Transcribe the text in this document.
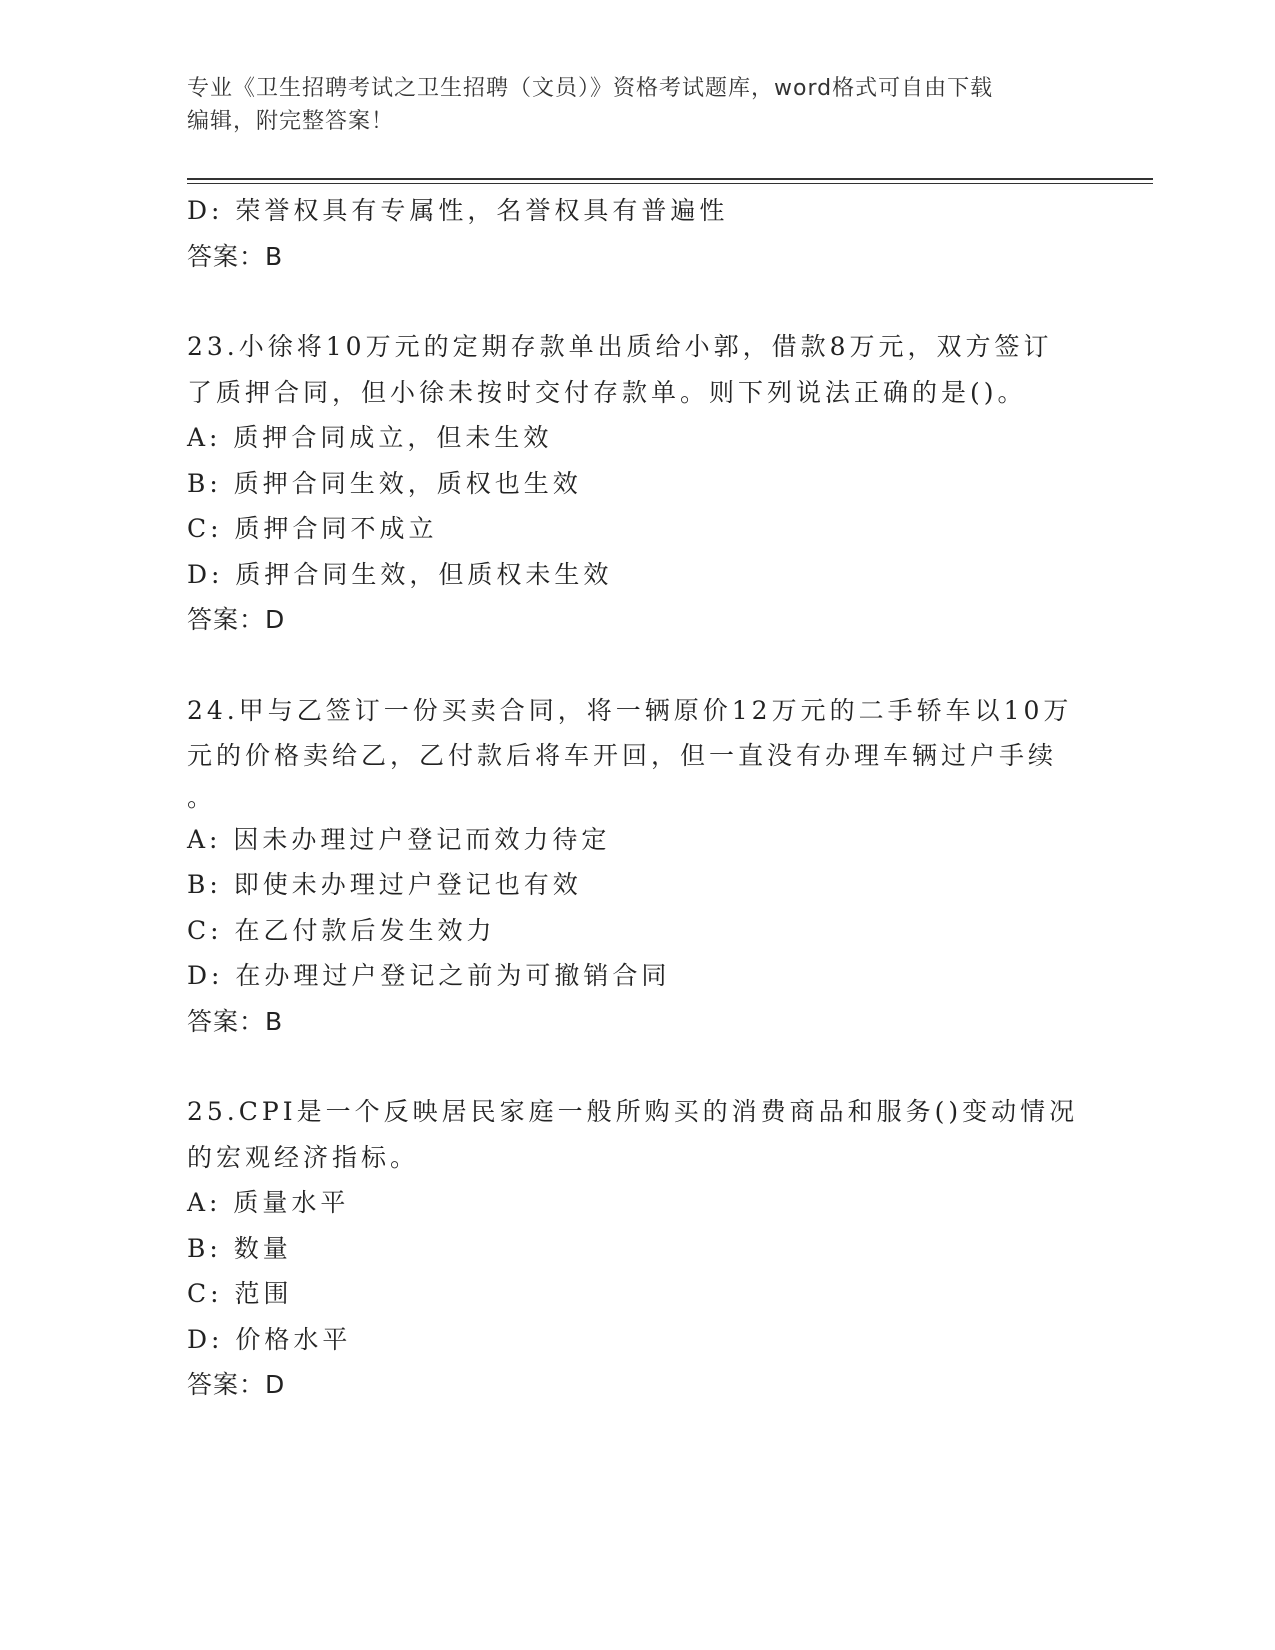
专业《卫生招聘考试之卫生招聘（文员）》资格考试题库，word格式可自由下载
编辑，附完整答案！
D: 荣誉权具有专属性，名誉权具有普遍性
答案：B
23.小徐将10万元的定期存款单出质给小郭，借款8万元，双方签订
了质押合同，但小徐未按时交付存款单。则下列说法正确的是()。
A: 质押合同成立，但未生效
B: 质押合同生效，质权也生效
C: 质押合同不成立
D: 质押合同生效，但质权未生效
答案：D
24.甲与乙签订一份买卖合同，将一辆原价12万元的二手轿车以10万
元的价格卖给乙，乙付款后将车开回，但一直没有办理车辆过户手续
。
A: 因未办理过户登记而效力待定
B: 即使未办理过户登记也有效
C: 在乙付款后发生效力
D: 在办理过户登记之前为可撤销合同
答案：B
25.CPI是一个反映居民家庭一般所购买的消费商品和服务()变动情况
的宏观经济指标。
A: 质量水平
B: 数量
C: 范围
D: 价格水平
答案：D
